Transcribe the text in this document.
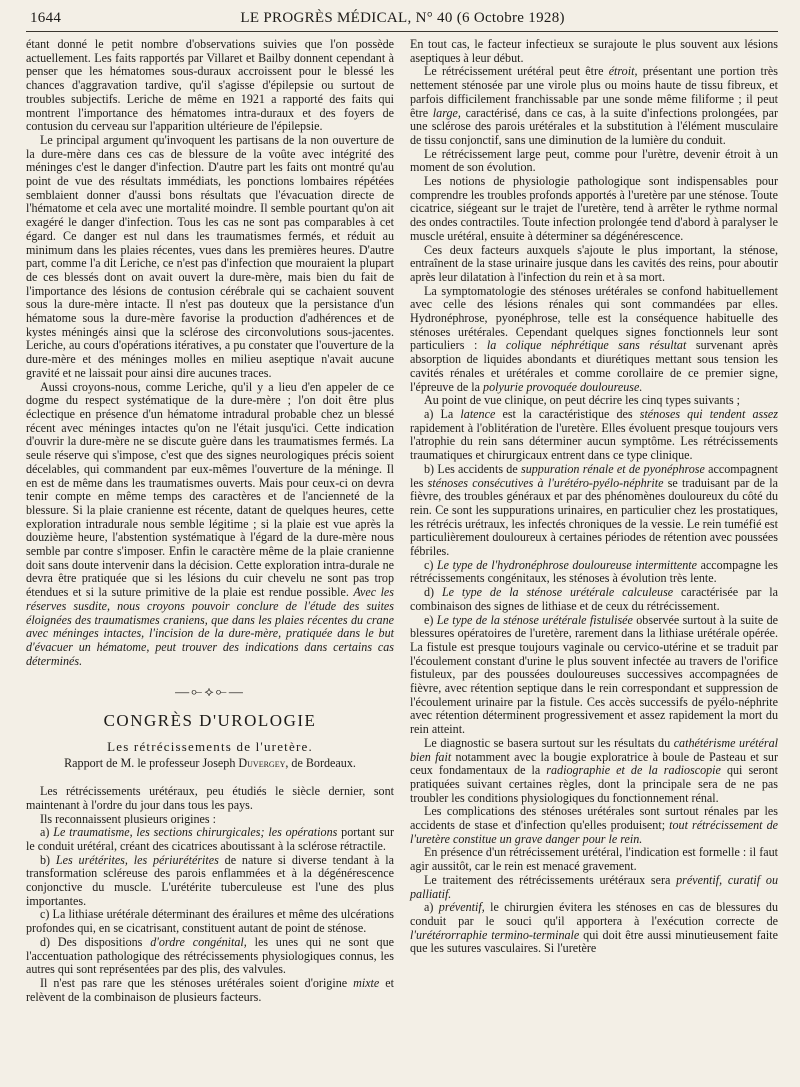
1644	LE PROGRÈS MÉDICAL, N° 40 (6 Octobre 1928)

étant donné le petit nombre d'observations suivies que l'on possède actuellement. Les faits rapportés par Villaret et Bailby donnent cependant à penser que les hématomes sous-duraux accroissent pour le blessé les chances d'aggravation tardive, qu'il s'agisse d'épilepsie ou surtout de troubles subjectifs. Leriche de même en 1921 a rapporté des faits qui montrent l'importance des hématomes intra-duraux et des foyers de contusion du cerveau sur l'apparition ultérieure de l'épilepsie.

Le principal argument qu'invoquent les partisans de la non ouverture de la dure-mère dans ces cas de blessure de la voûte avec intégrité des méninges c'est le danger d'infection. D'autre part les faits ont montré qu'au point de vue des résultats immédiats, les ponctions lombaires répétées semblaient donner d'aussi bons résultats que l'évacuation directe de l'hématome et cela avec une mortalité moindre. Il semble pourtant qu'on ait exagéré le danger d'infection. Tous les cas ne sont pas comparables à cet égard. Ce danger est nul dans les traumatismes fermés, et réduit au minimum dans les plaies récentes, vues dans les premières heures. D'autre part, comme l'a dit Leriche, ce n'est pas d'infection que mouraient la plupart de ces blessés dont on avait ouvert la dure-mère, mais bien du fait de l'importance des lésions de contusion cérébrale qui se cachaient souvent sous la dure-mère intacte. Il n'est pas douteux que la persistance d'un hématome sous la dure-mère favorise la production d'adhérences et de kystes méningés ainsi que la sclérose des circonvolutions sous-jacentes. Leriche, au cours d'opérations itératives, a pu constater que l'ouverture de la dure-mère et des méninges molles en milieu aseptique n'avait aucune gravité et ne laissait pour ainsi dire aucunes traces.

Aussi croyons-nous, comme Leriche, qu'il y a lieu d'en appeler de ce dogme du respect systématique de la dure-mère ; l'on doit être plus éclectique en présence d'un hématome intradural probable chez un blessé récent avec méninges intactes qu'on ne l'était jusqu'ici. Cette indication d'ouvrir la dure-mère ne se discute guère dans les traumatismes fermés. La seule réserve qui s'impose, c'est que des signes neurologiques précis soient décelables, qui commandent par eux-mêmes l'ouverture de la méninge. Il en est de même dans les traumatismes ouverts. Mais pour ceux-ci on devra tenir compte en même temps des caractères et de l'ancienneté de la blessure. Si la plaie cranienne est récente, datant de quelques heures, cette exploration intradurale nous semble légitime ; si la plaie est vue après la douzième heure, l'abstention systématique à l'égard de la dure-mère nous semble par contre s'imposer. Enfin le caractère même de la plaie cranienne doit sans doute intervenir dans la décision. Cette exploration intra-durale ne devra être pratiquée que si les lésions du cuir chevelu ne sont pas trop étendues et si la suture primitive de la plaie est rendue possible. Avec les réserves susdite, nous croyons pouvoir conclure de l'étude des suites éloignées des traumatismes craniens, que dans les plaies récentes du crane avec méninges intactes, l'incision de la dure-mère, pratiquée dans le but d'évacuer un hématome, peut trouver des indications dans certains cas déterminés.

—⟜⟡⟜—
CONGRÈS D'UROLOGIE
Les rétrécissements de l'uretère.
Rapport de M. le professeur Joseph Duvergey, de Bordeaux.

Les rétrécissements urétéraux, peu étudiés le siècle dernier, sont maintenant à l'ordre du jour dans tous les pays.

Ils reconnaissent plusieurs origines :

a) Le traumatisme, les sections chirurgicales; les opérations portant sur le conduit urétéral, créant des cicatrices aboutissant à la sclérose rétractile.

b) Les urétérites, les périurétérites de nature si diverse tendant à la transformation scléreuse des parois enflammées et à la dégénérescence conjonctive du muscle. L'urétérite tuberculeuse est l'une des plus importantes.

c) La lithiase urétérale déterminant des érailures et même des ulcérations profondes qui, en se cicatrisant, constituent autant de point de sténose.

d) Des dispositions d'ordre congénital, les unes qui ne sont que l'accentuation pathologique des rétrécissements physiologiques connus, les autres qui sont représentées par des plis, des valvules.

Il n'est pas rare que les sténoses urétérales soient d'origine mixte et relèvent de la combinaison de plusieurs facteurs.

En tout cas, le facteur infectieux se surajoute le plus souvent aux lésions aseptiques à leur début.

Le rétrécissement urétéral peut être étroit, présentant une portion très nettement sténosée par une virole plus ou moins haute de tissu fibreux, et parfois difficilement franchissable par une sonde même filiforme ; il peut être large, caractérisé, dans ce cas, à la suite d'infections prolongées, par une sclérose des parois urétérales et la substitution à l'élément musculaire de tissu conjonctif, sans une diminution de la lumière du conduit.

Le rétrécissement large peut, comme pour l'urètre, devenir étroit à un moment de son évolution.

Les notions de physiologie pathologique sont indispensables pour comprendre les troubles profonds apportés à l'uretère par une sténose. Toute cicatrice, siégeant sur le trajet de l'uretère, tend à arrêter le rythme normal des ondes contractiles. Toute infection prolongée tend d'abord à paralyser le muscle urétéral, ensuite à déterminer sa dégénérescence.

Ces deux facteurs auxquels s'ajoute le plus important, la sténose, entraînent de la stase urinaire jusque dans les cavités des reins, pour aboutir après leur dilatation à l'infection du rein et à sa mort.

La symptomatologie des sténoses urétérales se confond habituellement avec celle des lésions rénales qui sont commandées par elles. Hydronéphrose, pyonéphrose, telle est la conséquence habituelle des sténoses urétérales. Cependant quelques signes fonctionnels leur sont particuliers : la colique néphrétique sans résultat survenant après absorption de liquides abondants et diurétiques mettant sous tension les cavités rénales et urétérales et comme corollaire de ce premier signe, l'épreuve de la polyurie provoquée douloureuse.

Au point de vue clinique, on peut décrire les cinq types suivants ;

a) La latence est la caractéristique des sténoses qui tendent assez rapidement à l'oblitération de l'uretère. Elles évoluent presque toujours vers l'atrophie du rein sans déterminer aucun symptôme. Les rétrécissements traumatiques et chirurgicaux entrent dans ce type clinique.

b) Les accidents de suppuration rénale et de pyonéphrose accompagnent les sténoses consécutives à l'urétéro-pyélo-néphrite se traduisant par de la fièvre, des troubles généraux et par des phénomènes douloureux du côté du rein. Ce sont les suppurations urinaires, en particulier chez les prostatiques, les rétrécis urétraux, les infectés chroniques de la vessie. Le rein tuméfié est particulièrement douloureux à certaines périodes de rétention avec poussées fébriles.

c) Le type de l'hydronéphrose douloureuse intermittente accompagne les rétrécissements congénitaux, les sténoses à évolution très lente.

d) Le type de la sténose urétérale calculeuse caractérisée par la combinaison des signes de lithiase et de ceux du rétrécissement.

e) Le type de la sténose urétérale fistulisée observée surtout à la suite de blessures opératoires de l'uretère, rarement dans la lithiase urétérale opérée. La fistule est presque toujours vaginale ou cervico-utérine et se traduit par l'écoulement constant d'urine le plus souvent infectée au travers de l'orifice fistuleux, par des poussées douloureuses successives accompagnées de fièvre, avec rétention septique dans le rein correspondant et suppression de l'écoulement urinaire par la fistule. Ces accès successifs de pyélo-néphrite avec rétention déterminent progressivement et assez rapidement la mort du rein atteint.

Le diagnostic se basera surtout sur les résultats du cathétérisme urétéral bien fait notamment avec la bougie exploratrice à boule de Pasteau et sur ceux fondamentaux de la radiographie et de la radioscopie qui seront pratiquées suivant certaines règles, dont la principale sera de ne pas troubler les conditions physiologiques du fonctionnement rénal.

Les complications des sténoses urétérales sont surtout rénales par les accidents de stase et d'infection qu'elles produisent; tout rétrécissement de l'uretère constitue un grave danger pour le rein.

En présence d'un rétrécissement urétéral, l'indication est formelle : il faut agir aussitôt, car le rein est menacé gravement.

Le traitement des rétrécissements urétéraux sera préventif, curatif ou palliatif.

a) préventif, le chirurgien évitera les sténoses en cas de blessures du conduit par le souci qu'il apportera à l'exécution correcte de l'urétérorraphie termino-terminale qui doit être aussi minutieusement faite que les sutures vasculaires. Si l'uretère
